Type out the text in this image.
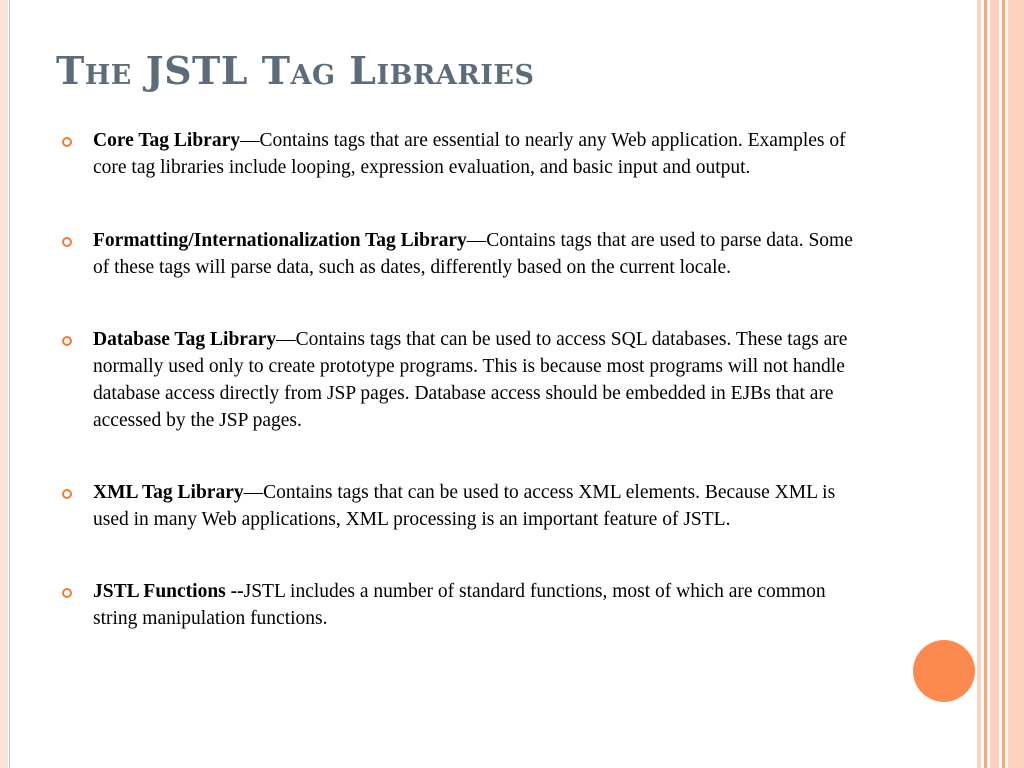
The JSTL Tag Libraries
Core Tag Library—Contains tags that are essential to nearly any Web application. Examples of core tag libraries include looping, expression evaluation, and basic input and output.
Formatting/Internationalization Tag Library—Contains tags that are used to parse data. Some of these tags will parse data, such as dates, differently based on the current locale.
Database Tag Library—Contains tags that can be used to access SQL databases. These tags are normally used only to create prototype programs. This is because most programs will not handle database access directly from JSP pages. Database access should be embedded in EJBs that are accessed by the JSP pages.
XML Tag Library—Contains tags that can be used to access XML elements. Because XML is used in many Web applications, XML processing is an important feature of JSTL.
JSTL Functions --JSTL includes a number of standard functions, most of which are common string manipulation functions.
